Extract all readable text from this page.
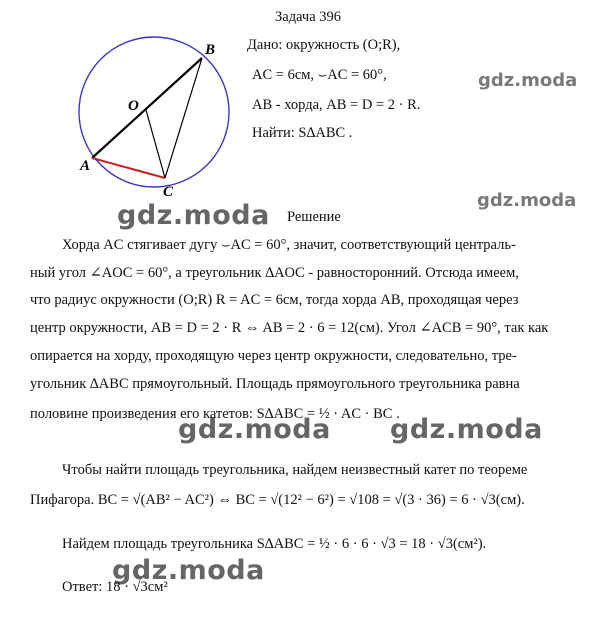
Задача 396
A
B
C
O
Дано: окружность (O;R),
AC = 6см, ⌣AC = 60°,
AB - хорда, AB = D = 2 · R.
Найти: S∆ABC .
gdz.moda
gdz.moda
gdz.moda
gdz.moda gdz.moda
gdz.moda
Решение
Хорда AC стягивает дугу ⌣AC = 60°, значит, соответствующий централь-
ный угол ∠AOC = 60°, а треугольник ∆AOC - равносторонний. Отсюда имеем,
что радиус окружности (O;R) R = AC = 6см, тогда хорда AB, проходящая через
центр окружности, AB = D = 2 · R ⇔ AB = 2 · 6 = 12(см). Угол ∠ACB = 90°, так как
опирается на хорду, проходящую через центр окружности, следовательно, тре-
угольник ∆ABC прямоугольный. Площадь прямоугольного треугольника равна
половине произведения его катетов: S∆ABC = ½ · AC · BC .
Чтобы найти площадь треугольника, найдем неизвестный катет по теореме
Пифагора. BC = √(AB² − AC²) ⇔ BC = √(12² − 6²) = √108 = √(3 · 36) = 6 · √3(см).
Найдем площадь треугольника S∆ABC = ½ · 6 · 6 · √3 = 18 · √3(см²).
Ответ: 18 · √3см²
